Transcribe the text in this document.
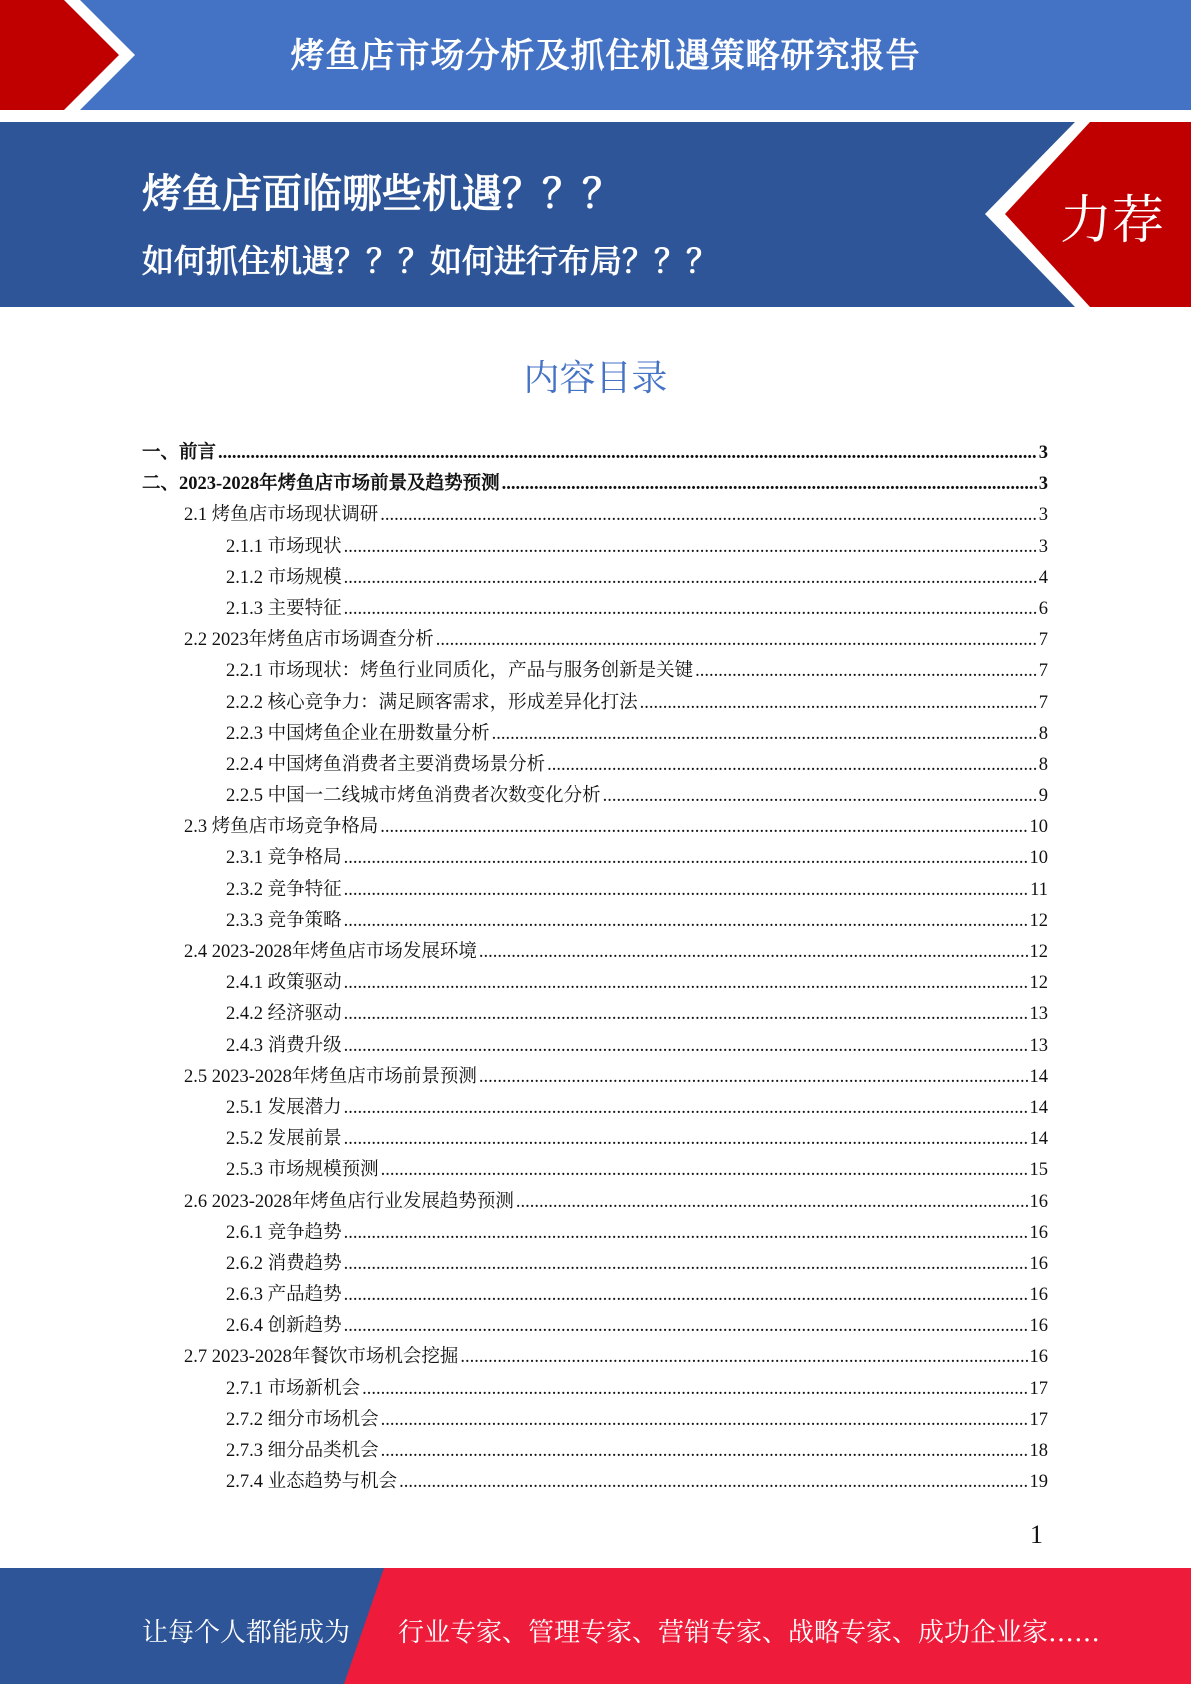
烤鱼店市场分析及抓住机遇策略研究报告
烤鱼店面临哪些机遇？？？
如何抓住机遇？？？如何进行布局？？？
力荐
内容目录
一、前言 .....	3
二、2023-2028年烤鱼店市场前景及趋势预测 .....	3
2.1 烤鱼店市场现状调研 .....	3
2.1.1 市场现状 .....	3
2.1.2 市场规模 .....	4
2.1.3 主要特征 .....	6
2.2 2023年烤鱼店市场调查分析 .....	7
2.2.1 市场现状：烤鱼行业同质化，产品与服务创新是关键 .....	7
2.2.2 核心竞争力：满足顾客需求，形成差异化打法 .....	7
2.2.3 中国烤鱼企业在册数量分析 .....	8
2.2.4 中国烤鱼消费者主要消费场景分析 .....	8
2.2.5 中国一二线城市烤鱼消费者次数变化分析 .....	9
2.3 烤鱼店市场竞争格局 .....	10
2.3.1 竞争格局 .....	10
2.3.2 竞争特征 .....	11
2.3.3 竞争策略 .....	12
2.4 2023-2028年烤鱼店市场发展环境 .....	12
2.4.1 政策驱动 .....	12
2.4.2 经济驱动 .....	13
2.4.3 消费升级 .....	13
2.5 2023-2028年烤鱼店市场前景预测 .....	14
2.5.1 发展潜力 .....	14
2.5.2 发展前景 .....	14
2.5.3 市场规模预测 .....	15
2.6 2023-2028年烤鱼店行业发展趋势预测 .....	16
2.6.1 竞争趋势 .....	16
2.6.2 消费趋势 .....	16
2.6.3 产品趋势 .....	16
2.6.4 创新趋势 .....	16
2.7 2023-2028年餐饮市场机会挖掘 .....	16
2.7.1 市场新机会 .....	17
2.7.2 细分市场机会 .....	17
2.7.3 细分品类机会 .....	18
2.7.4 业态趋势与机会 .....	19
1
让每个人都能成为 行业专家、管理专家、营销专家、战略专家、成功企业家……
